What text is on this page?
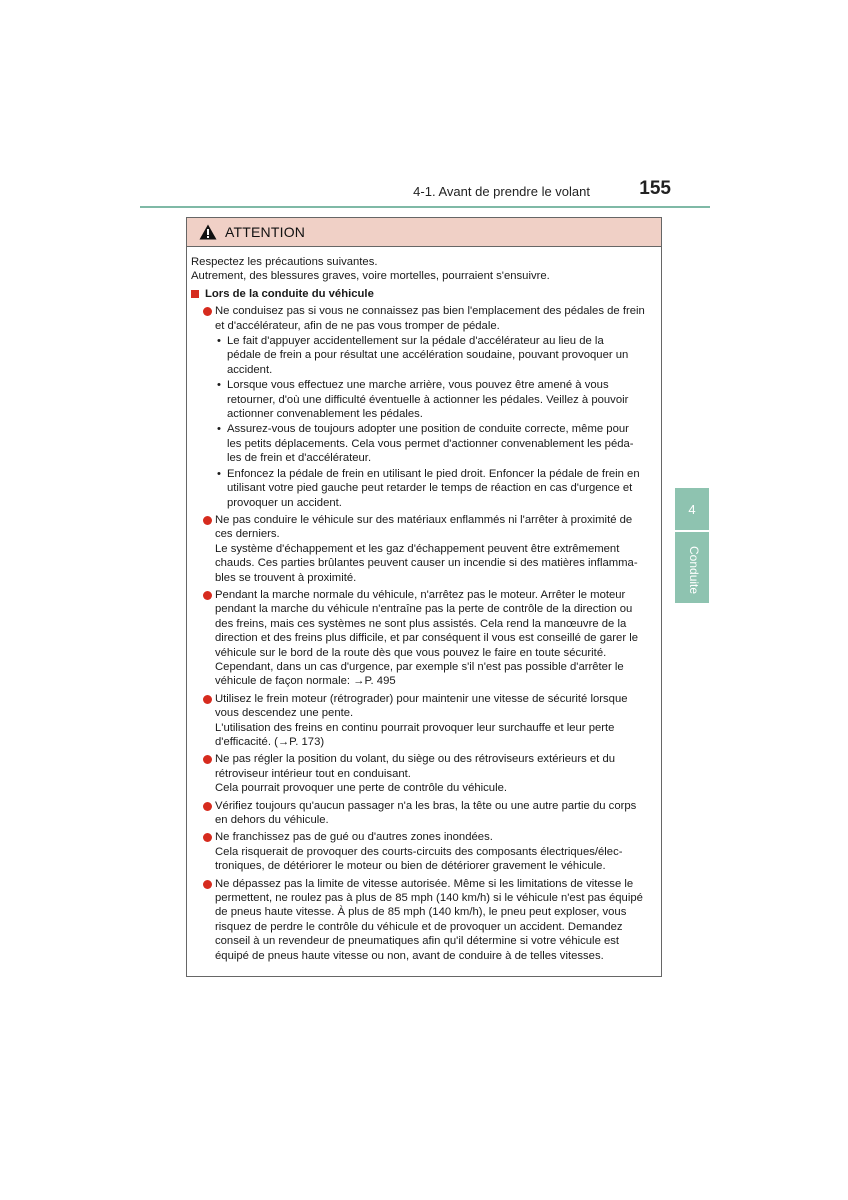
4-1. Avant de prendre le volant	155
4
Conduite
ATTENTION

Respectez les précautions suivantes.

Autrement, des blessures graves, voire mortelles, pourraient s'ensuivre.

Lors de la conduite du véhicule
Ne conduisez pas si vous ne connaissez pas bien l'emplacement des pédales de frein
et d'accélérateur, afin de ne pas vous tromper de pédale.
• Le fait d'appuyer accidentellement sur la pédale d'accélérateur au lieu de la
pédale de frein a pour résultat une accélération soudaine, pouvant provoquer un
accident.
• Lorsque vous effectuez une marche arrière, vous pouvez être amené à vous
retourner, d'où une difficulté éventuelle à actionner les pédales. Veillez à pouvoir
actionner convenablement les pédales.
• Assurez-vous de toujours adopter une position de conduite correcte, même pour
les petits déplacements. Cela vous permet d'actionner convenablement les péda-
les de frein et d'accélérateur.
• Enfoncez la pédale de frein en utilisant le pied droit. Enfoncer la pédale de frein en
utilisant votre pied gauche peut retarder le temps de réaction en cas d'urgence et
provoquer un accident.
Ne pas conduire le véhicule sur des matériaux enflammés ni l'arrêter à proximité de
ces derniers.
Le système d'échappement et les gaz d'échappement peuvent être extrêmement
chauds. Ces parties brûlantes peuvent causer un incendie si des matières inflamma-
bles se trouvent à proximité.
Pendant la marche normale du véhicule, n'arrêtez pas le moteur. Arrêter le moteur
pendant la marche du véhicule n'entraîne pas la perte de contrôle de la direction ou
des freins, mais ces systèmes ne sont plus assistés. Cela rend la manœuvre de la
direction et des freins plus difficile, et par conséquent il vous est conseillé de garer le
véhicule sur le bord de la route dès que vous pouvez le faire en toute sécurité.
Cependant, dans un cas d'urgence, par exemple s'il n'est pas possible d'arrêter le
véhicule de façon normale: →P. 495
Utilisez le frein moteur (rétrograder) pour maintenir une vitesse de sécurité lorsque
vous descendez une pente.
L'utilisation des freins en continu pourrait provoquer leur surchauffe et leur perte
d'efficacité. (→P. 173)
Ne pas régler la position du volant, du siège ou des rétroviseurs extérieurs et du
rétroviseur intérieur tout en conduisant.
Cela pourrait provoquer une perte de contrôle du véhicule.
Vérifiez toujours qu'aucun passager n'a les bras, la tête ou une autre partie du corps
en dehors du véhicule.
Ne franchissez pas de gué ou d'autres zones inondées.
Cela risquerait de provoquer des courts-circuits des composants électriques/élec-
troniques, de détériorer le moteur ou bien de détériorer gravement le véhicule.
Ne dépassez pas la limite de vitesse autorisée. Même si les limitations de vitesse le
permettent, ne roulez pas à plus de 85 mph (140 km/h) si le véhicule n'est pas équipé
de pneus haute vitesse. À plus de 85 mph (140 km/h), le pneu peut exploser, vous
risquez de perdre le contrôle du véhicule et de provoquer un accident. Demandez
conseil à un revendeur de pneumatiques afin qu'il détermine si votre véhicule est
équipé de pneus haute vitesse ou non, avant de conduire à de telles vitesses.
